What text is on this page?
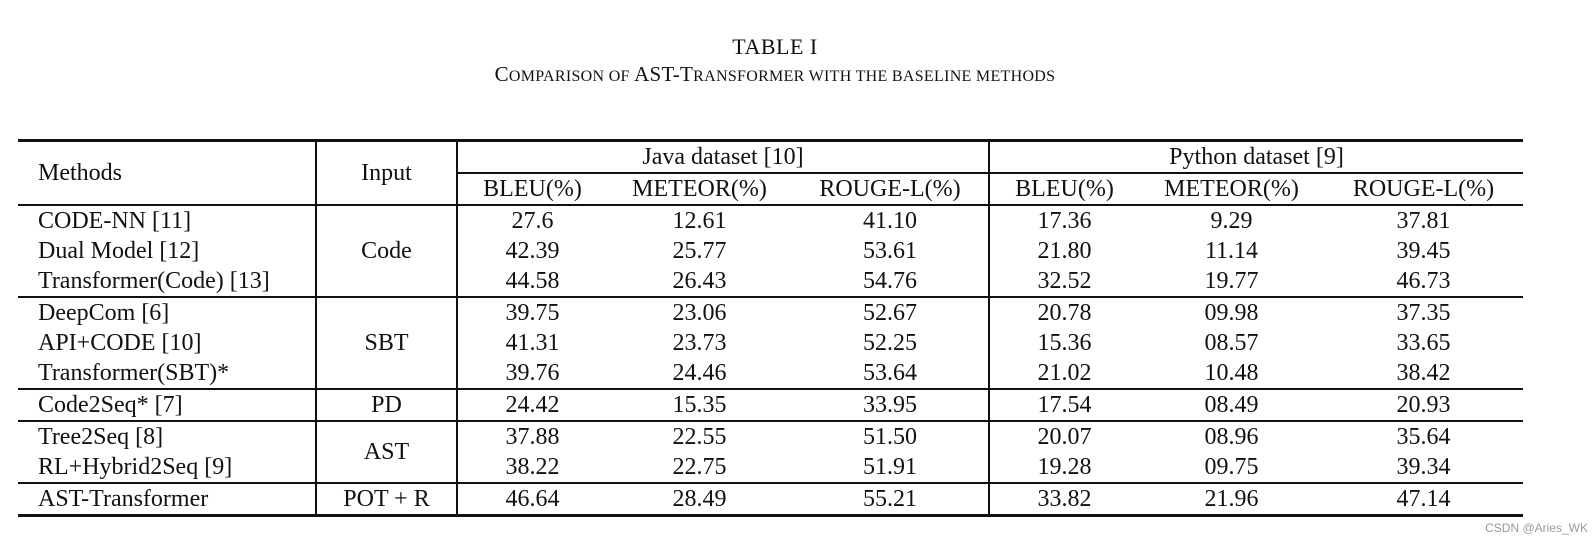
TABLE I
COMPARISON OF AST-TRANSFORMER WITH THE BASELINE METHODS
Methods	Input	Java dataset [10]			Python dataset [9]		
		BLEU(%)	METEOR(%)	ROUGE-L(%)	BLEU(%)	METEOR(%)	ROUGE-L(%)
CODE-NN [11]	Code	27.6	12.61	41.10	17.36	9.29	37.81
Dual Model [12]		42.39	25.77	53.61	21.80	11.14	39.45
Transformer(Code) [13]		44.58	26.43	54.76	32.52	19.77	46.73
DeepCom [6]	SBT	39.75	23.06	52.67	20.78	09.98	37.35
API+CODE [10]		41.31	23.73	52.25	15.36	08.57	33.65
Transformer(SBT)*		39.76	24.46	53.64	21.02	10.48	38.42
Code2Seq* [7]	PD	24.42	15.35	33.95	17.54	08.49	20.93
Tree2Seq [8]	AST	37.88	22.55	51.50	20.07	08.96	35.64
RL+Hybrid2Seq [9]		38.22	22.75	51.91	19.28	09.75	39.34
AST-Transformer	POT + R	46.64	28.49	55.21	33.82	21.96	47.14
CSDN @Aries_WK
